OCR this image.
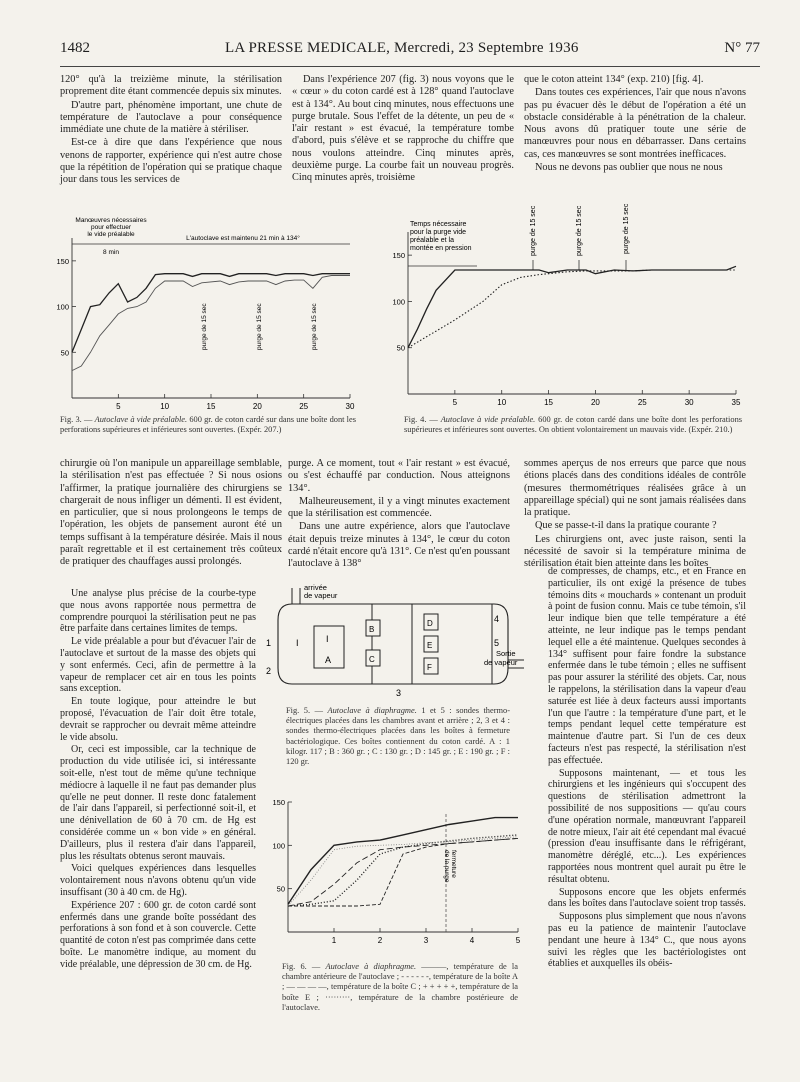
1482	LA PRESSE MEDICALE, Mercredi, 23 Septembre 1936	N° 77

120° qu'à la treizième minute, la stérilisation proprement dite étant commencée depuis six minutes.

D'autre part, phénomène important, une chute de température de l'autoclave a pour conséquence immédiate une chute de la matière à stériliser.

Est-ce à dire que dans l'expérience que nous venons de rapporter, expérience qui n'est autre chose que la répétition de l'opération qui se pratique chaque jour dans tous les services de

Dans l'expérience 207 (fig. 3) nous voyons que le « cœur » du coton cardé est à 128° quand l'autoclave est à 134°. Au bout cinq minutes, nous effectuons une purge brutale. Sous l'effet de la détente, un peu de « l'air restant » est évacué, la température tombe d'abord, puis s'élève et se rapproche du chiffre que nous voulons atteindre. Cinq minutes après, deuxième purge. La courbe fait un nouveau progrès. Cinq minutes après, troisième

que le coton atteint 134° (exp. 210) [fig. 4].

Dans toutes ces expériences, l'air que nous n'avons pas pu évacuer dès le début de l'opération a été un obstacle considérable à la pénétration de la chaleur. Nous avons dû pratiquer toute une série de manœuvres pour nous en débarrasser. Dans certains cas, ces manœuvres se sont montrées inefficaces.

Nous ne devons pas oublier que nous ne nous

5	10	15	20	25	30
50
100
150
Manœuvres nécessaires pour effectuer le vide préalable
8 min
L'autoclave est maintenu 21 min à 134°
purge de 15 sec	purge de 15 sec	purge de 15 sec
Fig. 3. — Autoclave à vide préalable. 600 gr. de coton cardé sur dans une boîte dont les perforations supérieures et inférieures sont ouvertes. (Expér. 207.)
5	10	15	20	25	30	35
50
100
150
Temps nécessaire pour la purge vide préalable et la montée en pression	purge de 15 sec	purge de 15 sec	purge de 15 sec
Fig. 4. — Autoclave à vide préalable. 600 gr. de coton cardé dans une boîte dont les perforations supérieures et inférieures sont ouvertes. On obtient volontairement un mauvais vide. (Expér. 210.)

chirurgie où l'on manipule un appareillage semblable, la stérilisation n'est pas effectuée ? Si nous osions l'affirmer, la pratique journalière des chirurgiens se chargerait de nous infliger un démenti. Il est évident, en particulier, que si nous prolongeons le temps de l'opération, les objets de pansement auront été un temps suffisant à la température désirée. Mais il nous paraît regrettable et il est certainement très coûteux de pratiquer des chauffages aussi prolongés.

Une analyse plus précise de la courbe-type que nous avons rapportée nous permettra de comprendre pourquoi la stérilisation peut ne pas être parfaite dans certaines limites de temps.

Le vide préalable a pour but d'évacuer l'air de l'autoclave et surtout de la masse des objets qui y sont enfermés. Ceci, afin de permettre à la vapeur de remplacer cet air en tous les points sans exception.

En toute logique, pour atteindre le but proposé, l'évacuation de l'air doit être totale, devrait se rapprocher ou devrait même atteindre le vide absolu.

Or, ceci est impossible, car la technique de production du vide utilisée ici, si intéressante soit-elle, n'est tout de même qu'une technique médiocre à laquelle il ne faut pas demander plus qu'elle ne peut donner. Il reste donc fatalement de l'air dans l'appareil, si perfectionné soit-il, et une dénivellation de 60 à 70 cm. de Hg est considérée comme un « bon vide » en général. D'ailleurs, plus il restera d'air dans l'appareil, plus les résultats obtenus seront mauvais.

Voici quelques expériences dans lesquelles volontairement nous n'avons obtenu qu'un vide insuffisant (30 à 40 cm. de Hg).

Expérience 207 : 600 gr. de coton cardé sont enfermés dans une grande boîte possédant des perforations à son fond et à son couvercle. Cette quantité de coton n'est pas comprimée dans cette boîte. Le manomètre indique, au moment du vide préalable, une dépression de 30 cm. de Hg.

purge. A ce moment, tout « l'air restant » est évacué, ou s'est échauffé par conduction. Nous atteignons 134°.

Malheureusement, il y a vingt minutes exactement que la stérilisation est commencée.

Dans une autre expérience, alors que l'autoclave était depuis treize minutes à 134°, le cœur du coton cardé n'était encore qu'à 131°. Ce n'est qu'en poussant l'autoclave à 138°

arrivée de vapeur
Sortie de vapeur
1
2
3
4
5
I	I
A
B
C
D
E
F
Fig. 5. — Autoclave à diaphragme. 1 et 5 : sondes thermo-électriques placées dans les chambres avant et arrière ; 2, 3 et 4 : sondes thermo-électriques placées dans les boîtes à fermeture bactériologique. Ces boîtes contiennent du coton cardé. A : 1 kilogr. 117 ; B : 360 gr. ; C : 130 gr. ; D : 145 gr. ; E : 190 gr. ; F : 120 gr.
1	2	3	4	5
50
100
150
fermeturede la purge
Fig. 6. — Autoclave à diaphragme. ———, température de la chambre antérieure de l'autoclave ; - - - - - -, température de la boîte A ; — — — —, température de la boîte C ; + + + + +, température de la boîte E ; ·········, température de la chambre postérieure de l'autoclave.

sommes aperçus de nos erreurs que parce que nous étions placés dans des conditions idéales de contrôle (mesures thermométriques réalisées grâce à un appareillage spécial) qui ne sont jamais réalisées dans la pratique.

Que se passe-t-il dans la pratique courante ?

Les chirurgiens ont, avec juste raison, senti la nécessité de savoir si la température minima de stérilisation était bien atteinte dans les boîtes

de compresses, de champs, etc., et en France en particulier, ils ont exigé la présence de tubes témoins dits « mouchards » contenant un produit à point de fusion connu. Mais ce tube témoin, s'il leur indique bien que telle température a été atteinte, ne leur indique pas le temps pendant lequel elle a été maintenue. Quelques secondes à 134° suffisent pour faire fondre la substance enfermée dans le tube témoin ; elles ne suffisent pas pour assurer la stérilité des objets. Car, nous le rappelons, la stérilisation dans la vapeur d'eau saturée est liée à deux facteurs aussi importants l'un que l'autre : la température d'une part, et le temps pendant lequel cette température est maintenue d'autre part. Si l'un de ces deux facteurs n'est pas respecté, la stérilisation n'est pas effectuée.

Supposons maintenant, — et tous les chirurgiens et les ingénieurs qui s'occupent des questions de stérilisation admettront la possibilité de nos suppositions — qu'au cours d'une opération normale, manœuvrant l'appareil de notre mieux, l'air ait été cependant mal évacué (pression d'eau insuffisante dans le réfrigérant, manomètre déréglé, etc...). Les expériences rapportées nous montrent quel aurait pu être le résultat obtenu.

Supposons encore que les objets enfermés dans les boîtes dans l'autoclave soient trop tassés.

Supposons plus simplement que nous n'avons pas eu la patience de maintenir l'autoclave pendant une heure à 134° C., que nous ayons suivi les règles que les bactériologistes ont établies et auxquelles ils obéis-
